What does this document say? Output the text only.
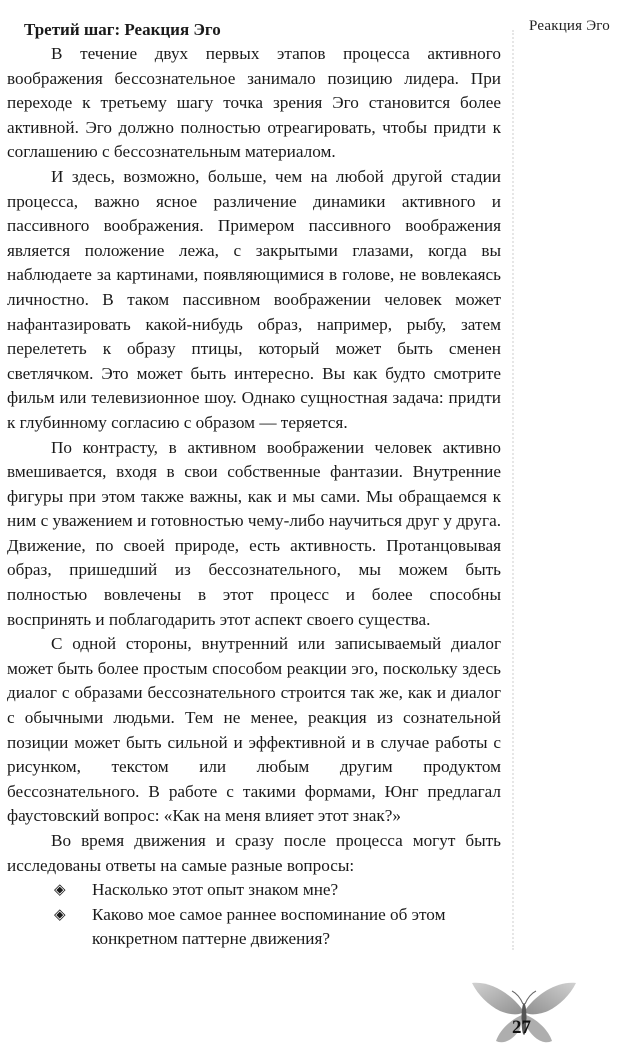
Реакция Эго
Третий шаг: Реакция Эго

В течение двух первых этапов процесса активного воображения бессознательное занимало позицию лидера. При переходе к третьему шагу точка зрения Эго становится более активной. Эго должно полностью отреагировать, чтобы придти к соглашению с бессознательным материалом.

И здесь, возможно, больше, чем на любой другой стадии процесса, важно ясное различение динамики активного и пассивного воображения. Примером пассивного воображения является положение лежа, с закрытыми глазами, когда вы наблюдаете за картинами, появляющимися в голове, не вовлекаясь личностно. В таком пассивном воображении человек может нафантазировать какой-нибудь образ, например, рыбу, затем перелететь к образу птицы, который может быть сменен светлячком. Это может быть интересно. Вы как будто смотрите фильм или телевизионное шоу. Однако сущностная задача: придти к глубинному согласию с образом — теряется.

По контрасту, в активном воображении человек активно вмешивается, входя в свои собственные фантазии. Внутренние фигуры при этом также важны, как и мы сами. Мы обращаемся к ним с уважением и готовностью чему-либо научиться друг у друга. Движение, по своей природе, есть активность. Протанцовывая образ, пришедший из бессознательного, мы можем быть полностью вовлечены в этот процесс и более способны воспринять и поблагодарить этот аспект своего существа.

С одной стороны, внутренний или записываемый диалог может быть более простым способом реакции эго, поскольку здесь диалог с образами бессознательного строится так же, как и диалог с обычными людьми. Тем не менее, реакция из сознательной позиции может быть сильной и эффективной и в случае работы с рисунком, текстом или любым другим продуктом бессознательного. В работе с такими формами, Юнг предлагал фаустовский вопрос: «Как на меня влияет этот знак?»

Во время движения и сразу после процесса могут быть исследованы ответы на самые разные вопросы:

◈ Насколько этот опыт знаком мне?
◈ Каково мое самое раннее воспоминание об этом конкретном паттерне движения?
27
